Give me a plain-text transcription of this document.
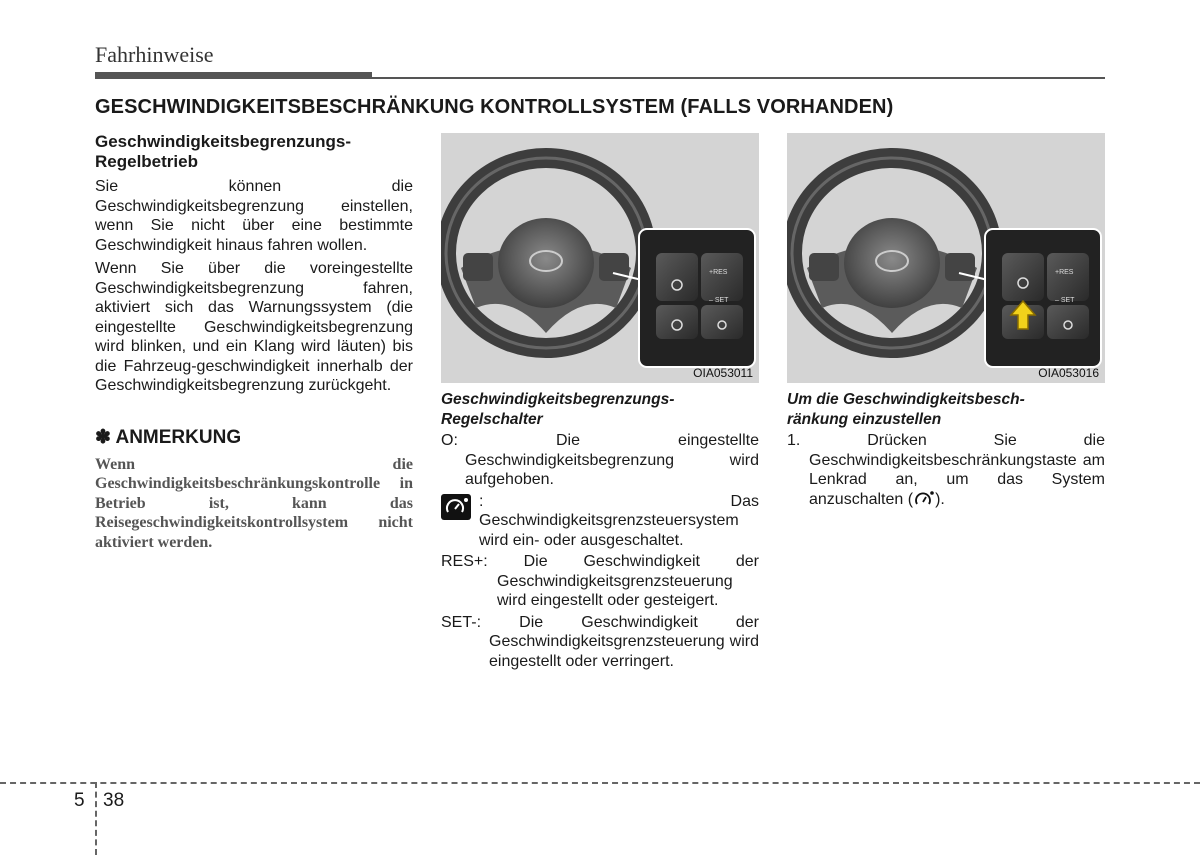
Fahrhinweise
GESCHWINDIGKEITSBESCHRÄNKUNG KONTROLLSYSTEM (FALLS VORHANDEN)
Geschwindigkeitsbegrenzungs-
Regelbetrieb

Sie können die Geschwindigkeitsbegrenzung einstellen, wenn Sie nicht über eine bestimmte Geschwindigkeit hinaus fahren wollen.

Wenn Sie über die voreingestellte Geschwindigkeitsbegrenzung fahren, aktiviert sich das Warnungssystem (die eingestellte Geschwindigkeitsbegrenzung wird blinken, und ein Klang wird läuten) bis die Fahrzeug-geschwindigkeit innerhalb der Geschwindigkeitsbegrenzung zurückgeht.

✽ ANMERKUNG
Wenn die Geschwindigkeitsbeschränkungskontrolle in Betrieb ist, kann das Reisegeschwindigkeitskontrollsystem nicht aktiviert werden.
+RES
– SET
OIA053011
+RES
– SET
OIA053016
Geschwindigkeitsbegrenzungs-
Regelschalter
O:	Die eingestellte Geschwindigkeitsbegrenzung wird aufgehoben.
: Das Geschwindigkeitsgrenzsteuersystem wird ein- oder ausgeschaltet.
RES+: Die Geschwindigkeit der Geschwindigkeitsgrenzsteuerung wird eingestellt oder gesteigert.
SET-: Die Geschwindigkeit der Geschwindigkeitsgrenzsteuerung wird eingestellt oder verringert.
Um die Geschwindigkeitsbesch-
ränkung einzustellen
1. Drücken Sie die Geschwindigkeitsbeschränkungstaste am Lenkrad an, um das System anzuschalten ( ).
5 38
